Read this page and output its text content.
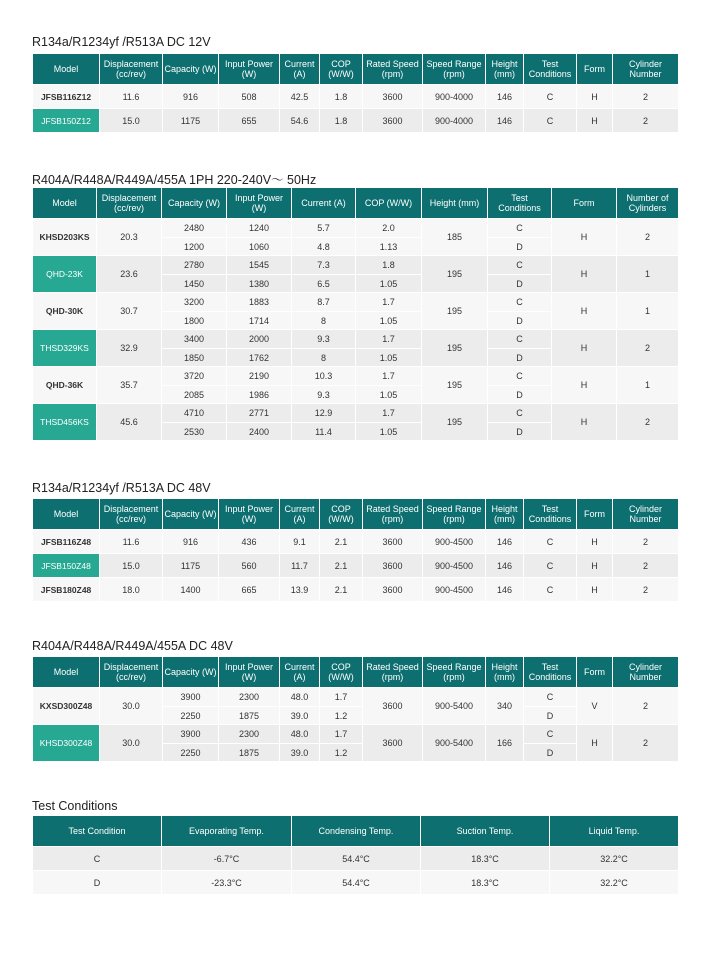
R134a/R1234yf /R513A DC 12V
Model	Displacement (cc/rev)	Capacity (W)	Input Power (W)	Current (A)	COP (W/W)	Rated Speed (rpm)	Speed Range (rpm)	Height (mm)	Test Conditions	Form	Cylinder Number
JFSB116Z12	11.6	916	508	42.5	1.8	3600	900-4000	146	C	H	2
JFSB150Z12	15.0	1175	655	54.6	1.8	3600	900-4000	146	C	H	2
R404A/R448A/R449A/455A 1PH 220-240V～ 50Hz
Model	Displacement (cc/rev)	Capacity (W)	Input Power (W)	Current (A)	COP (W/W)	Height (mm)	Test Conditions	Form	Number of Cylinders
KHSD203KS	20.3	2480	1240	5.7	2.0	185	C	H	2
		1200	1060	4.8	1.13		D		
QHD-23K	23.6	2780	1545	7.3	1.8	195	C	H	1
		1450	1380	6.5	1.05		D		
QHD-30K	30.7	3200	1883	8.7	1.7	195	C	H	1
		1800	1714	8	1.05		D		
THSD329KS	32.9	3400	2000	9.3	1.7	195	C	H	2
		1850	1762	8	1.05		D		
QHD-36K	35.7	3720	2190	10.3	1.7	195	C	H	1
		2085	1986	9.3	1.05		D		
THSD456KS	45.6	4710	2771	12.9	1.7	195	C	H	2
		2530	2400	11.4	1.05		D		
R134a/R1234yf /R513A DC 48V
Model	Displacement (cc/rev)	Capacity (W)	Input Power (W)	Current (A)	COP (W/W)	Rated Speed (rpm)	Speed Range (rpm)	Height (mm)	Test Conditions	Form	Cylinder Number
JFSB116Z48	11.6	916	436	9.1	2.1	3600	900-4500	146	C	H	2
JFSB150Z48	15.0	1175	560	11.7	2.1	3600	900-4500	146	C	H	2
JFSB180Z48	18.0	1400	665	13.9	2.1	3600	900-4500	146	C	H	2
R404A/R448A/R449A/455A DC 48V
Model	Displacement (cc/rev)	Capacity (W)	Input Power (W)	Current (A)	COP (W/W)	Rated Speed (rpm)	Speed Range (rpm)	Height (mm)	Test Conditions	Form	Cylinder Number
KXSD300Z48	30.0	3900	2300	48.0	1.7	3600	900-5400	340	C	V	2
		2250	1875	39.0	1.2				D		
KHSD300Z48	30.0	3900	2300	48.0	1.7	3600	900-5400	166	C	H	2
		2250	1875	39.0	1.2				D		
Test Conditions
Test Condition	Evaporating Temp.	Condensing Temp.	Suction Temp.	Liquid Temp.
C	-6.7°C	54.4°C	18.3°C	32.2°C
D	-23.3°C	54.4°C	18.3°C	32.2°C
